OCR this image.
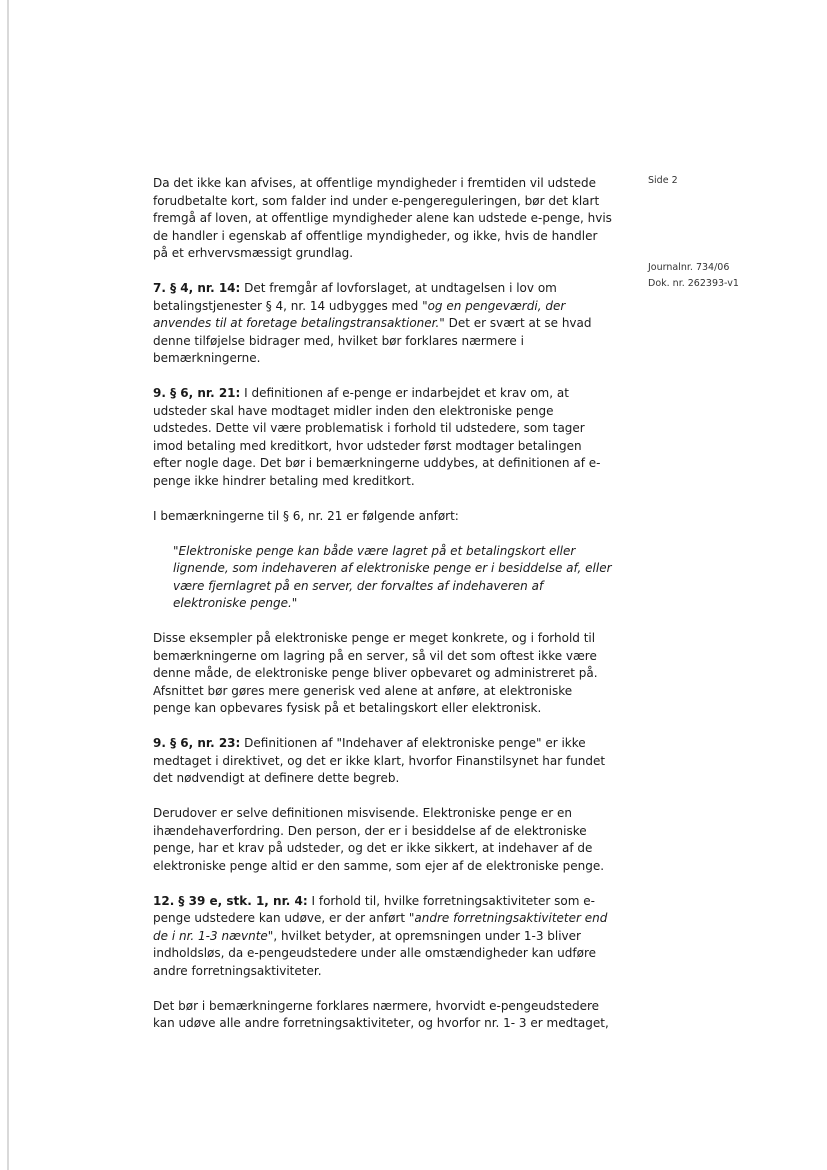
Side 2
Journalnr. 734/06
Dok. nr. 262393-v1

Da det ikke kan afvises, at offentlige myndigheder i fremtiden vil udstede forudbetalte kort, som falder ind under e-pengereguleringen, bør det klart fremgå af loven, at offentlige myndigheder alene kan udstede e-penge, hvis de handler i egenskab af offentlige myndigheder, og ikke, hvis de handler på et erhvervsmæssigt grundlag.

7. § 4, nr. 14: Det fremgår af lovforslaget, at undtagelsen i lov om betalingstjenester § 4, nr. 14 udbygges med "og en pengeværdi, der anvendes til at foretage betalingstransaktioner." Det er svært at se hvad denne tilføjelse bidrager med, hvilket bør forklares nærmere i bemærkningerne.

9. § 6, nr. 21: I definitionen af e-penge er indarbejdet et krav om, at udsteder skal have modtaget midler inden den elektroniske penge udstedes. Dette vil være problematisk i forhold til udstedere, som tager imod betaling med kreditkort, hvor udsteder først modtager betalingen efter nogle dage. Det bør i bemærkningerne uddybes, at definitionen af e-penge ikke hindrer betaling med kreditkort.

I bemærkningerne til § 6, nr. 21 er følgende anført:

"Elektroniske penge kan både være lagret på et betalingskort eller lignende, som indehaveren af elektroniske penge er i besiddelse af, eller være fjernlagret på en server, der forvaltes af indehaveren af elektroniske penge."

Disse eksempler på elektroniske penge er meget konkrete, og i forhold til bemærkningerne om lagring på en server, så vil det som oftest ikke være denne måde, de elektroniske penge bliver opbevaret og administreret på. Afsnittet bør gøres mere generisk ved alene at anføre, at elektroniske penge kan opbevares fysisk på et betalingskort eller elektronisk.

9. § 6, nr. 23: Definitionen af "Indehaver af elektroniske penge" er ikke medtaget i direktivet, og det er ikke klart, hvorfor Finanstilsynet har fundet det nødvendigt at definere dette begreb.

Derudover er selve definitionen misvisende. Elektroniske penge er en ihændehaverfordring. Den person, der er i besiddelse af de elektroniske penge, har et krav på udsteder, og det er ikke sikkert, at indehaver af de elektroniske penge altid er den samme, som ejer af de elektroniske penge.

12. § 39 e, stk. 1, nr. 4: I forhold til, hvilke forretningsaktiviteter som e-penge udstedere kan udøve, er der anført "andre forretningsaktiviteter end de i nr. 1-3 nævnte", hvilket betyder, at opremsningen under 1-3 bliver indholdsløs, da e-pengeudstedere under alle omstændigheder kan udføre andre forretningsaktiviteter.

Det bør i bemærkningerne forklares nærmere, hvorvidt e-pengeudstedere kan udøve alle andre forretningsaktiviteter, og hvorfor nr. 1- 3 er medtaget,
